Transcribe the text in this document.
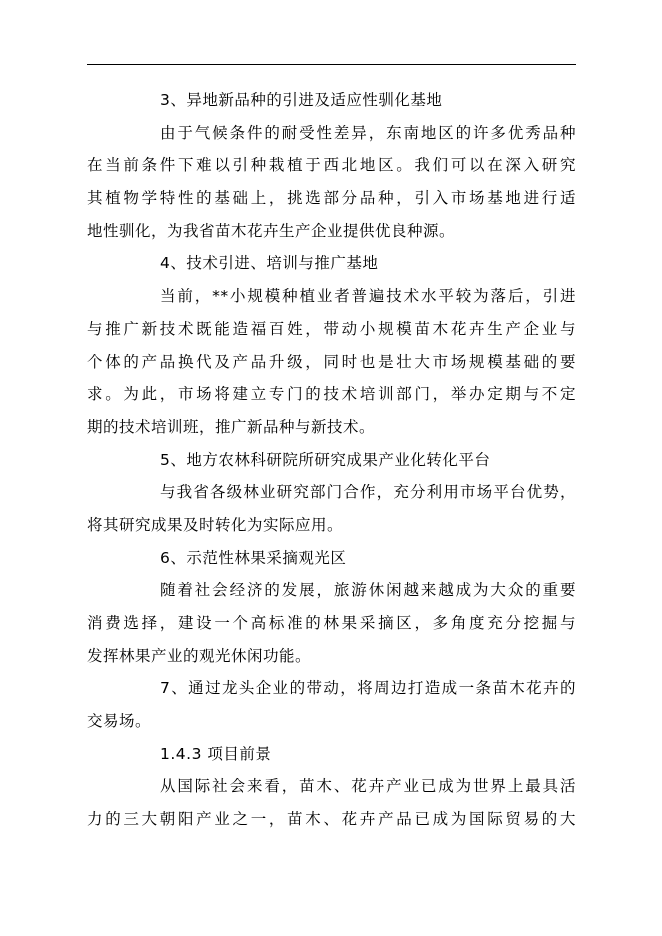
3、异地新品种的引进及适应性驯化基地
由于气候条件的耐受性差异，东南地区的许多优秀品种
在当前条件下难以引种栽植于西北地区。我们可以在深入研究
其植物学特性的基础上，挑选部分品种，引入市场基地进行适
地性驯化，为我省苗木花卉生产企业提供优良种源。
4、技术引进、培训与推广基地
当前，**小规模种植业者普遍技术水平较为落后，引进
与推广新技术既能造福百姓，带动小规模苗木花卉生产企业与
个体的产品换代及产品升级，同时也是壮大市场规模基础的要
求。为此，市场将建立专门的技术培训部门，举办定期与不定
期的技术培训班，推广新品种与新技术。
5、地方农林科研院所研究成果产业化转化平台
与我省各级林业研究部门合作，充分利用市场平台优势，
将其研究成果及时转化为实际应用。
6、示范性林果采摘观光区
随着社会经济的发展，旅游休闲越来越成为大众的重要
消费选择，建设一个高标准的林果采摘区，多角度充分挖掘与
发挥林果产业的观光休闲功能。
7、通过龙头企业的带动，将周边打造成一条苗木花卉的
交易场。
1.4.3 项目前景
从国际社会来看，苗木、花卉产业已成为世界上最具活
力的三大朝阳产业之一，苗木、花卉产品已成为国际贸易的大
